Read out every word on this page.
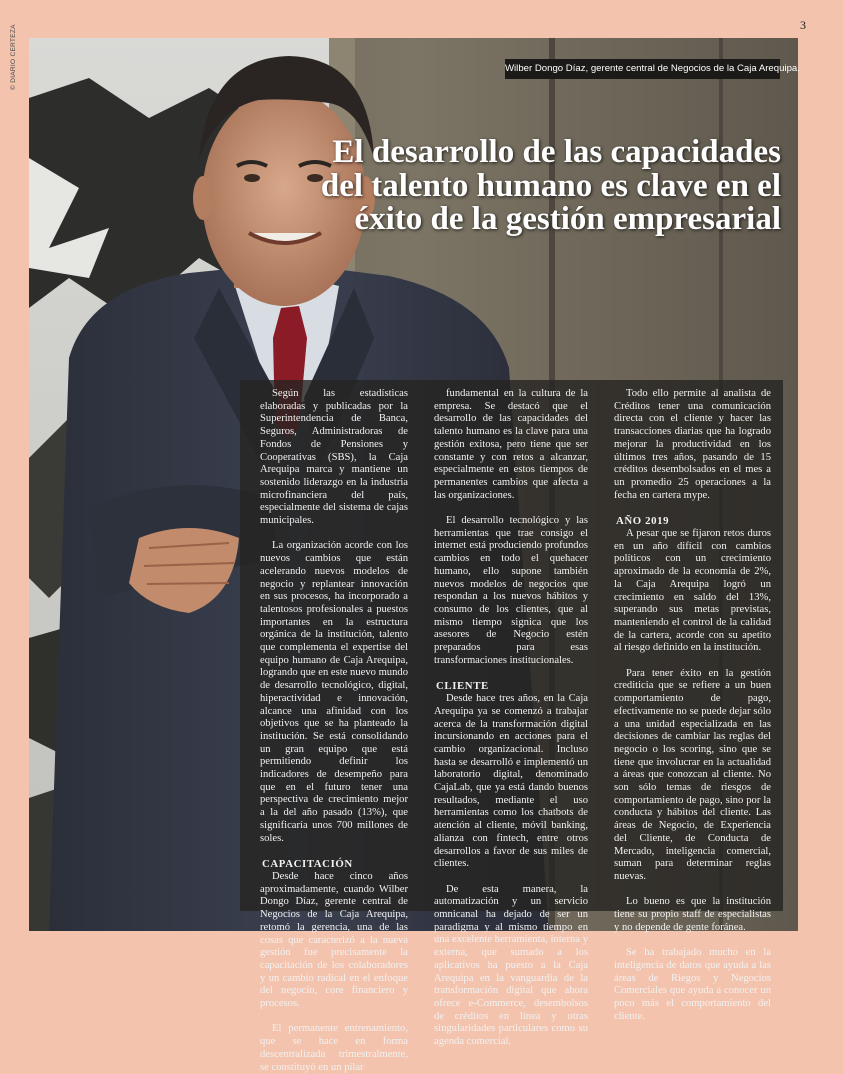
3
© DIARIO CERTEZA	Wilber Dongo Díaz, gerente central de Negocios de la Caja Arequipa.
El desarrollo de las capacidades del talento humano es clave en el éxito de la gestión empresarial

Según las estadísticas elaboradas y publicadas por la Superintendencia de Banca, Seguros, Administradoras de Fondos de Pensiones y Cooperativas (SBS), la Caja Arequipa marca y mantiene un sostenido liderazgo en la industria microfinanciera del país, especialmente del sistema de cajas municipales.

La organización acorde con los nuevos cambios que están acelerando nuevos modelos de negocio y replantear innovación en sus procesos, ha incorporado a talentosos profesionales a puestos importantes en la estructura orgánica de la institución, talento que complementa el expertise del equipo humano de Caja Arequipa, logrando que en este nuevo mundo de desarrollo tecnológico, digital, hiperactividad e innovación, alcance una afinidad con los objetivos que se ha planteado la institución. Se está consolidando un gran equipo que está permitiendo definir los indicadores de desempeño para que en el futuro tener una perspectiva de crecimiento mejor a la del año pasado (13%), que significaría unos 700 millones de soles.

CAPACITACIÓN

Desde hace cinco años aproximadamente, cuando Wilber Dongo Díaz, gerente central de Negocios de la Caja Arequipa, retomó la gerencia, una de las cosas que caracterizó a la nueva gestión fue precisamente la capacitación de los colaboradores y un cambio radical en el enfoque del negocio, core financiero y procesos.

El permanente entrenamiento, que se hace en forma descentralizada trimestralmente, se constituyó en un pilar

fundamental en la cultura de la empresa. Se destacó que el desarrollo de las capacidades del talento humano es la clave para una gestión exitosa, pero tiene que ser constante y con retos a alcanzar, especialmente en estos tiempos de permanentes cambios que afecta a las organizaciones.

El desarrollo tecnológico y las herramientas que trae consigo el internet está produciendo profundos cambios en todo el quehacer humano, ello supone también nuevos modelos de negocios que respondan a los nuevos hábitos y consumo de los clientes, que al mismo tiempo signica que los asesores de Negocio estén preparados para esas transformaciones institucionales.

CLIENTE

Desde hace tres años, en la Caja Arequipa ya se comenzó a trabajar acerca de la transformación digital incursionando en acciones para el cambio organizacional. Incluso hasta se desarrolló e implementó un laboratorio digital, denominado CajaLab, que ya está dando buenos resultados, mediante el uso herramientas como los chatbots de atención al cliente, móvil banking, alianza con fintech, entre otros desarrollos a favor de sus miles de clientes.

De esta manera, la automatización y un servicio omnicanal ha dejado de ser un paradigma y al mismo tiempo en una excelente herramienta, interna y externa, que sumado a los aplicativos ha puesto a la Caja Arequipa en la vanguardia de la transformación digital que ahora ofrece e-Commerce, desembolsos de créditos en línea y otras singularidades particulares como su agenda comercial.

Todo ello permite al analista de Créditos tener una comunicación directa con el cliente y hacer las transacciones diarias que ha logrado mejorar la productividad en los últimos tres años, pasando de 15 créditos desembolsados en el mes a un promedio 25 operaciones a la fecha en cartera mype.

AÑO 2019

A pesar que se fijaron retos duros en un año difícil con cambios políticos con un crecimiento aproximado de la economía de 2%, la Caja Arequipa logró un crecimiento en saldo del 13%, superando sus metas previstas, manteniendo el control de la calidad de la cartera, acorde con su apetito al riesgo definido en la institución.

Para tener éxito en la gestión crediticia que se refiere a un buen comportamiento de pago, efectivamente no se puede dejar sólo a una unidad especializada en las decisiones de cambiar las reglas del negocio o los scoring, sino que se tiene que involucrar en la actualidad a áreas que conozcan al cliente. No son sólo temas de riesgos de comportamiento de pago, sino por la conducta y hábitos del cliente. Las áreas de Negocio, de Experiencia del Cliente, de Conducta de Mercado, inteligencia comercial, suman para determinar reglas nuevas.

Lo bueno es que la institución tiene su propio staff de especialistas y no depende de gente foránea.

Se ha trabajado mucho en la inteligencia de datos que ayuda a las áreas de Riegos y Negocios Comerciales que ayuda a conocer un poco más el comportamiento del cliente.
